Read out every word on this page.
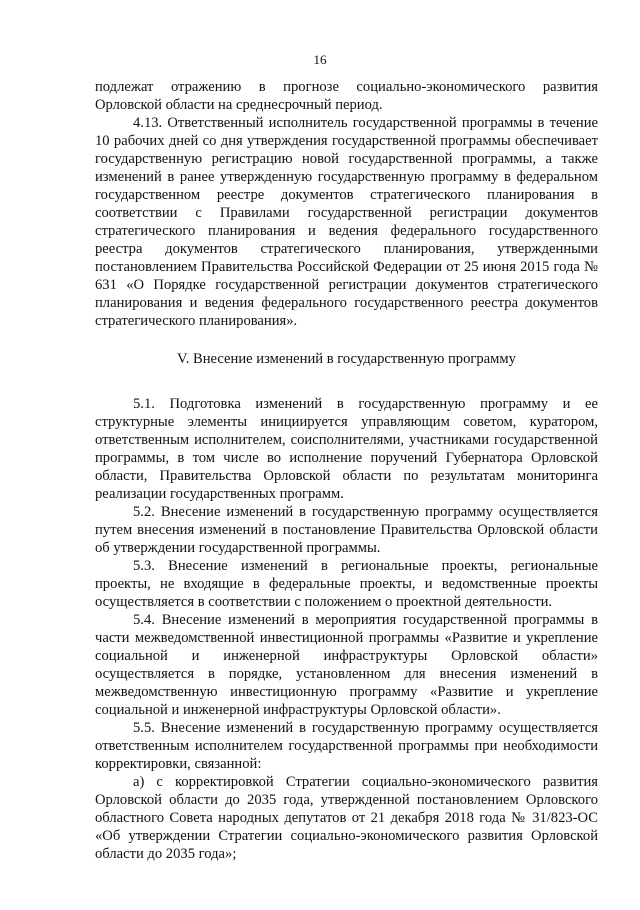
16

подлежат отражению в прогнозе социально-экономического развития Орловской области на среднесрочный период.

4.13. Ответственный исполнитель государственной программы в течение 10 рабочих дней со дня утверждения государственной программы обеспечивает государственную регистрацию новой государственной программы, а также изменений в ранее утвержденную государственную программу в федеральном государственном реестре документов стратегического планирования в соответствии с Правилами государственной регистрации документов стратегического планирования и ведения федерального государственного реестра документов стратегического планирования, утвержденными постановлением Правительства Российской Федерации от 25 июня 2015 года № 631 «О Порядке государственной регистрации документов стратегического планирования и ведения федерального государственного реестра документов стратегического планирования».

V. Внесение изменений в государственную программу

5.1. Подготовка изменений в государственную программу и ее структурные элементы инициируется управляющим советом, куратором, ответственным исполнителем, соисполнителями, участниками государственной программы, в том числе во исполнение поручений Губернатора Орловской области, Правительства Орловской области по результатам мониторинга реализации государственных программ.

5.2. Внесение изменений в государственную программу осуществляется путем внесения изменений в постановление Правительства Орловской области об утверждении государственной программы.

5.3. Внесение изменений в региональные проекты, региональные проекты, не входящие в федеральные проекты, и ведомственные проекты осуществляется в соответствии с положением о проектной деятельности.

5.4. Внесение изменений в мероприятия государственной программы в части межведомственной инвестиционной программы «Развитие и укрепление социальной и инженерной инфраструктуры Орловской области» осуществляется в порядке, установленном для внесения изменений в межведомственную инвестиционную программу «Развитие и укрепление социальной и инженерной инфраструктуры Орловской области».

5.5. Внесение изменений в государственную программу осуществляется ответственным исполнителем государственной программы при необходимости корректировки, связанной:

а) с корректировкой Стратегии социально-экономического развития Орловской области до 2035 года, утвержденной постановлением Орловского областного Совета народных депутатов от 21 декабря 2018 года № 31/823-ОС «Об утверждении Стратегии социально-экономического развития Орловской области до 2035 года»;
